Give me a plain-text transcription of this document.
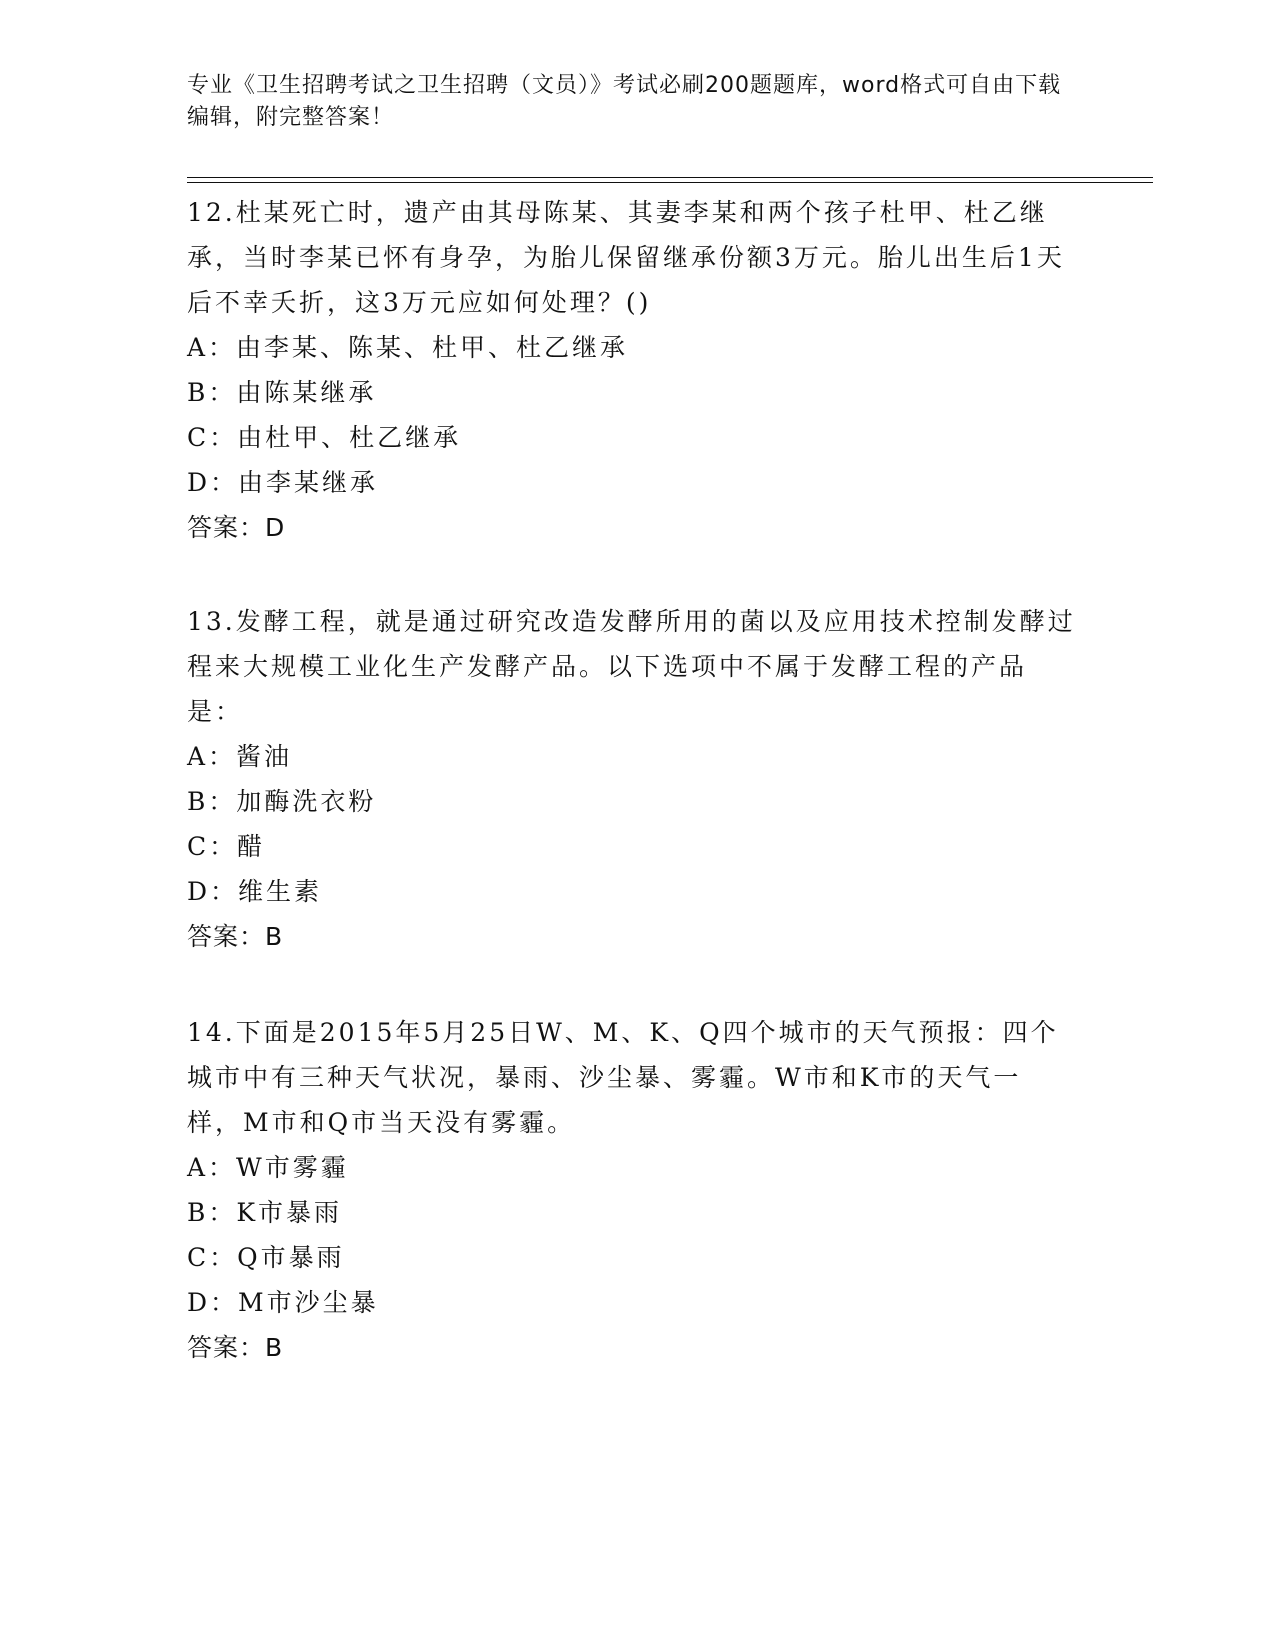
专业《卫生招聘考试之卫生招聘（文员）》考试必刷200题题库，word格式可自由下载编辑，附完整答案！

12.杜某死亡时，遗产由其母陈某、其妻李某和两个孩子杜甲、杜乙继承，当时李某已怀有身孕，为胎儿保留继承份额3万元。胎儿出生后1天后不幸夭折，这3万元应如何处理？()

A：由李某、陈某、杜甲、杜乙继承

B：由陈某继承

C：由杜甲、杜乙继承

D：由李某继承

答案：D

13.发酵工程，就是通过研究改造发酵所用的菌以及应用技术控制发酵过程来大规模工业化生产发酵产品。以下选项中不属于发酵工程的产品是：

A：酱油

B：加酶洗衣粉

C：醋

D：维生素

答案：B

14.下面是2015年5月25日W、M、K、Q四个城市的天气预报：四个城市中有三种天气状况，暴雨、沙尘暴、雾霾。W市和K市的天气一样，M市和Q市当天没有雾霾。

A：W市雾霾

B：K市暴雨

C：Q市暴雨

D：M市沙尘暴

答案：B
